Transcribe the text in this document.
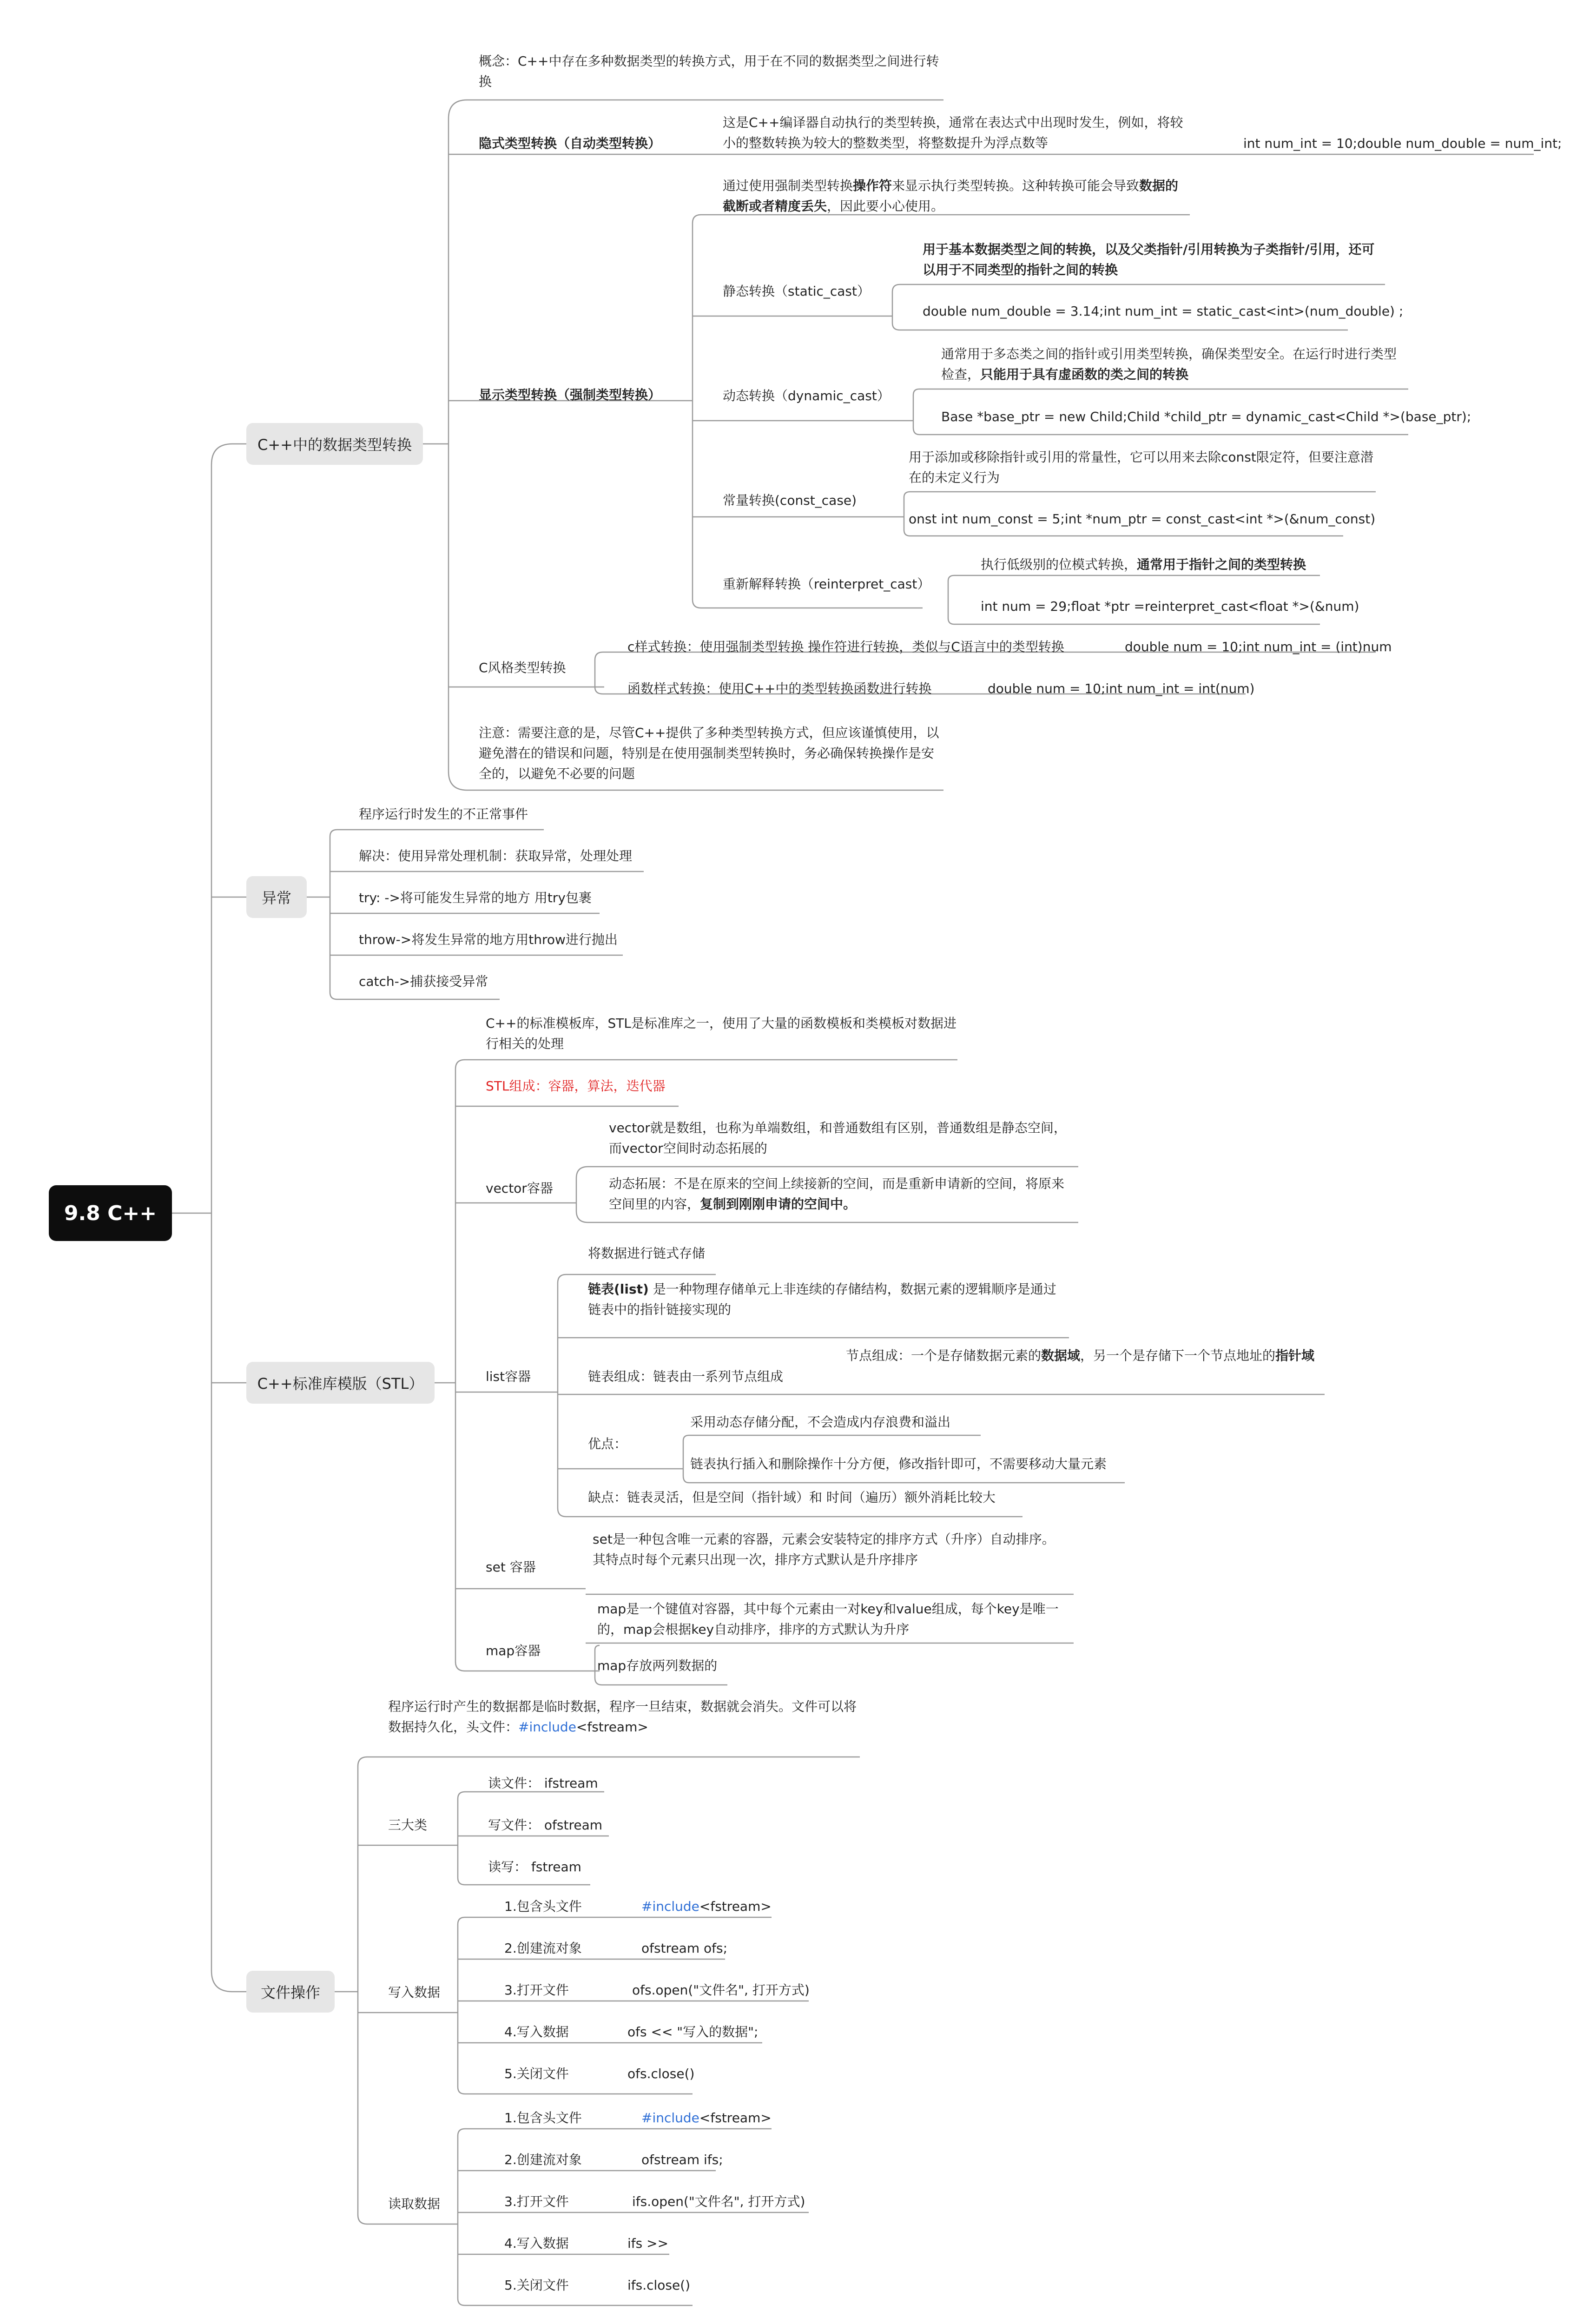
9.8 C++
C++中的数据类型转换
异常
C++标准库模版（STL）
文件操作
概念：C++中存在多种数据类型的转换方式，用于在不同的数据类型之间进行转换
隐式类型转换（自动类型转换）
这是C++编译器自动执行的类型转换，通常在表达式中出现时发生，例如，将较小的整数转换为较大的整数类型，将整数提升为浮点数等	int num_int = 10;double num_double = num_int;
显示类型转换（强制类型转换）
通过使用强制类型转换操作符来显示执行类型转换。这种转换可能会导致数据的截断或者精度丢失，因此要小心使用。
静态转换（static_cast）
用于基本数据类型之间的转换，以及父类指针/引用转换为子类指针/引用，还可以用于不同类型的指针之间的转换
double num_double = 3.14;int num_int = static_cast<int>(num_double) ;
动态转换（dynamic_cast）
通常用于多态类之间的指针或引用类型转换，确保类型安全。在运行时进行类型检查，只能用于具有虚函数的类之间的转换
Base *base_ptr = new Child;Child *child_ptr = dynamic_cast<Child *>(base_ptr);
常量转换(const_case)
用于添加或移除指针或引用的常量性，它可以用来去除const限定符，但要注意潜在的未定义行为
onst int num_const = 5;int *num_ptr = const_cast<int *>(&num_const)
重新解释转换（reinterpret_cast）
执行低级别的位模式转换，通常用于指针之间的类型转换
int num = 29;float *ptr =reinterpret_cast<float *>(&num)
C风格类型转换
c样式转换：使用强制类型转换 操作符进行转换，类似与C语言中的类型转换	double num = 10;int num_int = (int)num
函数样式转换：使用C++中的类型转换函数进行转换	double num = 10;int num_int = int(num)
注意：需要注意的是，尽管C++提供了多种类型转换方式，但应该谨慎使用，以避免潜在的错误和问题，特别是在使用强制类型转换时，务必确保转换操作是安全的，以避免不必要的问题
程序运行时发生的不正常事件
解决：使用异常处理机制：获取异常，处理处理
try: ->将可能发生异常的地方 用try包裹
throw->将发生异常的地方用throw进行抛出
catch->捕获接受异常
C++的标准模板库，STL是标准库之一，使用了大量的函数模板和类模板对数据进行相关的处理
STL组成：容器，算法，迭代器
vector容器
vector就是数组，也称为单端数组，和普通数组有区别，普通数组是静态空间，而vector空间时动态拓展的
动态拓展：不是在原来的空间上续接新的空间，而是重新申请新的空间，将原来空间里的内容，复制到刚刚申请的空间中。
list容器
将数据进行链式存储
链表(list) 是一种物理存储单元上非连续的存储结构，数据元素的逻辑顺序是通过链表中的指针链接实现的
链表组成：链表由一系列节点组成
节点组成：一个是存储数据元素的数据域，另一个是存储下一个节点地址的指针域
优点：
采用动态存储分配，不会造成内存浪费和溢出
链表执行插入和删除操作十分方便，修改指针即可，不需要移动大量元素
缺点：链表灵活，但是空间（指针域）和 时间（遍历）额外消耗比较大
set 容器
set是一种包含唯一元素的容器，元素会安装特定的排序方式（升序）自动排序。其特点时每个元素只出现一次，排序方式默认是升序排序
map容器
map是一个键值对容器，其中每个元素由一对key和value组成，每个key是唯一的，map会根据key自动排序，排序的方式默认为升序
map存放两列数据的
程序运行时产生的数据都是临时数据，程序一旦结束，数据就会消失。文件可以将数据持久化，头文件：#include<fstream>
三大类
读文件： ifstream
写文件： ofstream
读写： fstream
写入数据
1.包含头文件	#include<fstream>
2.创建流对象	ofstream ofs;
3.打开文件	ofs.open("文件名", 打开方式)
4.写入数据	ofs << "写入的数据";
5.关闭文件	ofs.close()
读取数据
1.包含头文件	#include<fstream>
2.创建流对象	ofstream ifs;
3.打开文件	ifs.open("文件名", 打开方式)
4.写入数据	ifs >>
5.关闭文件	ifs.close()
